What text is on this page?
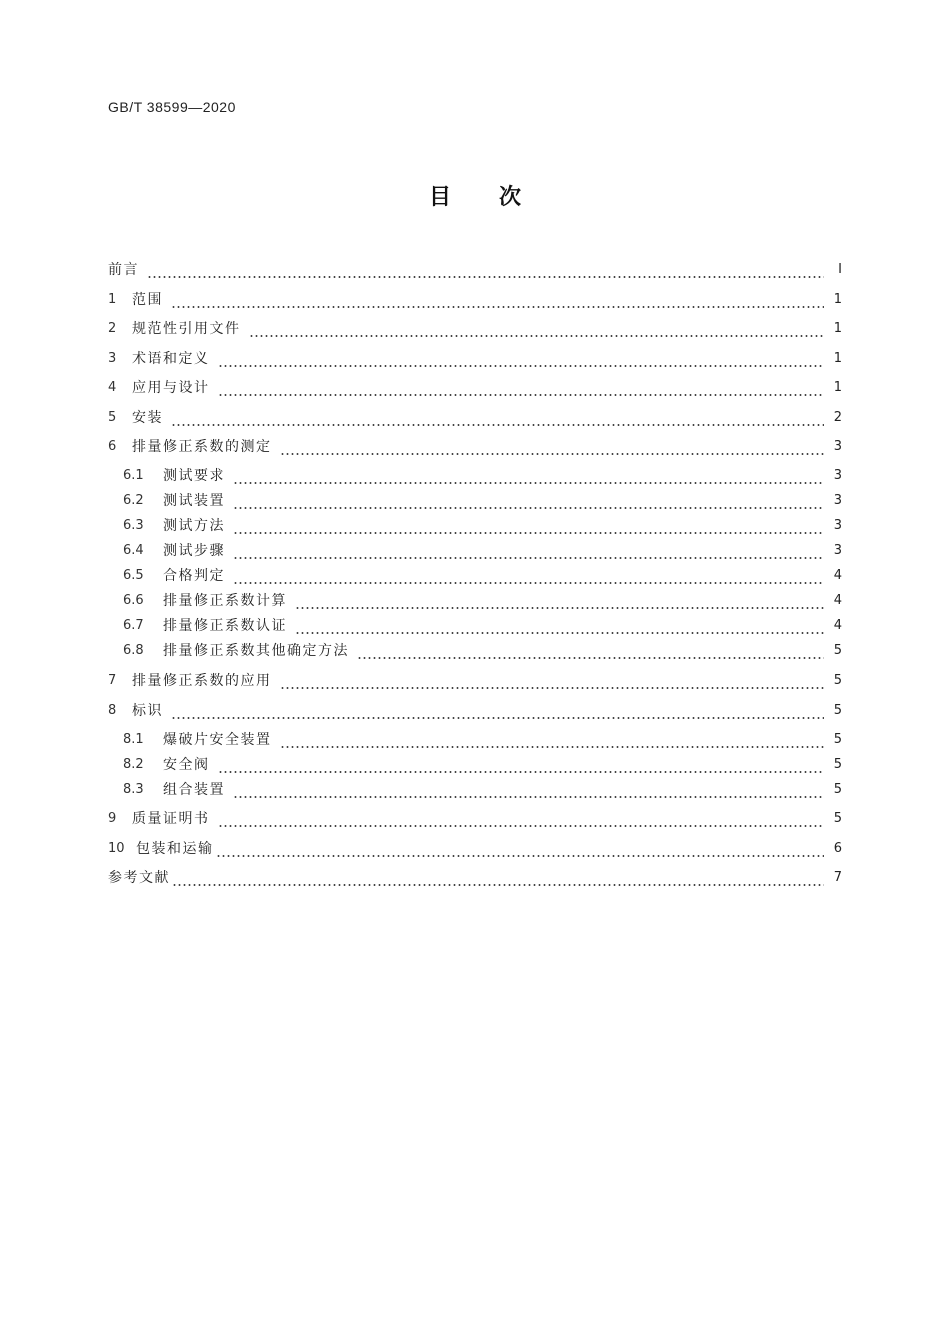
GB/T 38599—2020
目 次
前言	Ⅰ
1	范围	1
2	规范性引用文件	1
3	术语和定义	1
4	应用与设计	1
5	安装	2
6	排量修正系数的测定	3
6.1	测试要求	3
6.2	测试装置	3
6.3	测试方法	3
6.4	测试步骤	3
6.5	合格判定	4
6.6	排量修正系数计算	4
6.7	排量修正系数认证	4
6.8	排量修正系数其他确定方法	5
7	排量修正系数的应用	5
8	标识	5
8.1	爆破片安全装置	5
8.2	安全阀	5
8.3	组合装置	5
9	质量证明书	5
10 包装和运输	6
参考文献	7
